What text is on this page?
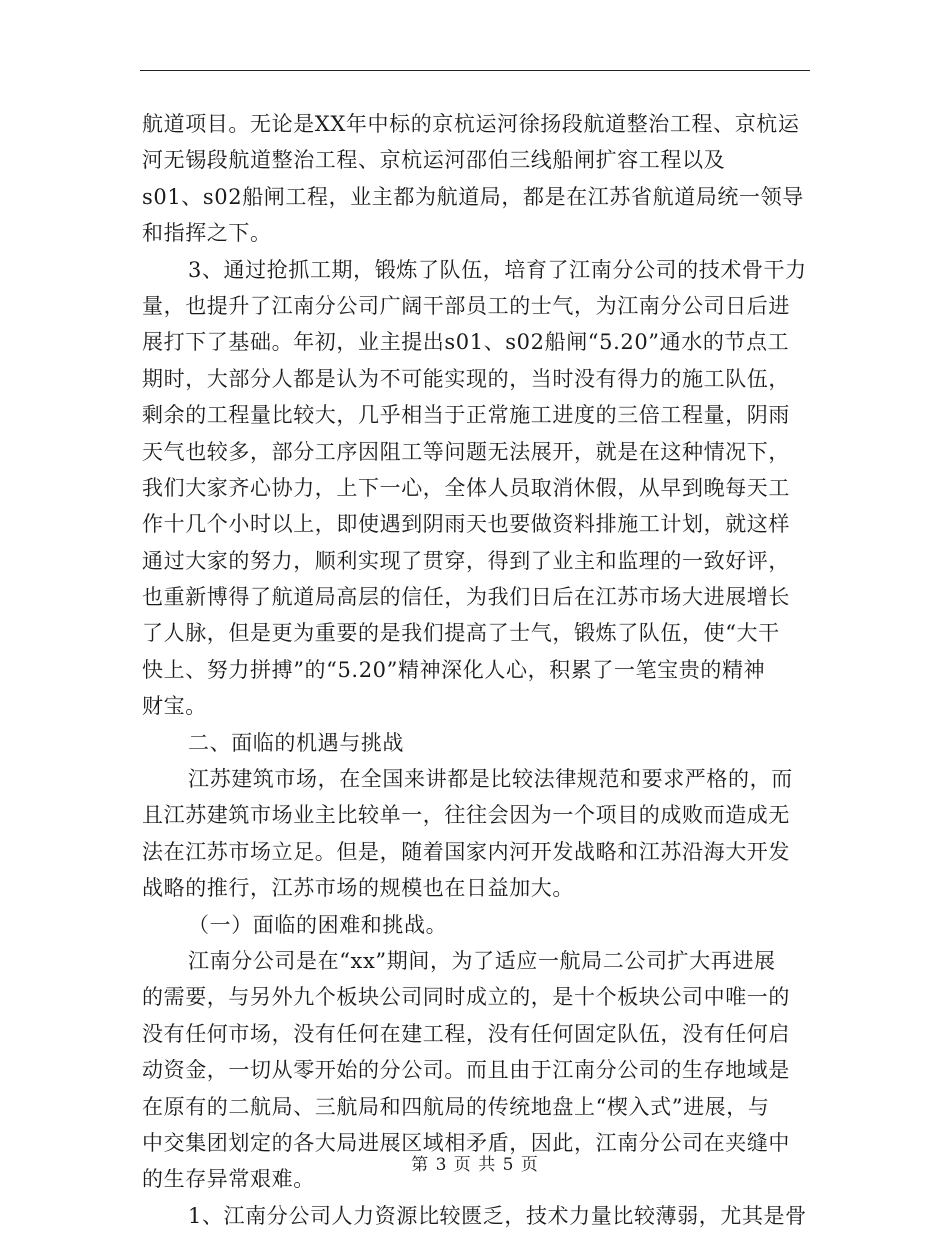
航道项目。无论是XX年中标的京杭运河徐扬段航道整治工程、京杭运
河无锡段航道整治工程、京杭运河邵伯三线船闸扩容工程以及
s01、s02船闸工程，业主都为航道局，都是在江苏省航道局统一领导
和指挥之下。
3、通过抢抓工期，锻炼了队伍，培育了江南分公司的技术骨干力
量，也提升了江南分公司广阔干部员工的士气，为江南分公司日后进
展打下了基础。年初，业主提出s01、s02船闸“5.20”通水的节点工
期时，大部分人都是认为不可能实现的，当时没有得力的施工队伍，
剩余的工程量比较大，几乎相当于正常施工进度的三倍工程量，阴雨
天气也较多，部分工序因阻工等问题无法展开，就是在这种情况下，
我们大家齐心协力，上下一心，全体人员取消休假，从早到晚每天工
作十几个小时以上，即使遇到阴雨天也要做资料排施工计划，就这样
通过大家的努力，顺利实现了贯穿，得到了业主和监理的一致好评，
也重新博得了航道局高层的信任，为我们日后在江苏市场大进展增长
了人脉，但是更为重要的是我们提高了士气，锻炼了队伍，使“大干
快上、努力拼搏”的“5.20”精神深化人心，积累了一笔宝贵的精神
财宝。
二、面临的机遇与挑战
江苏建筑市场，在全国来讲都是比较法律规范和要求严格的，而
且江苏建筑市场业主比较单一，往往会因为一个项目的成败而造成无
法在江苏市场立足。但是，随着国家内河开发战略和江苏沿海大开发
战略的推行，江苏市场的规模也在日益加大。
（一）面临的困难和挑战。
江南分公司是在“xx”期间，为了适应一航局二公司扩大再进展
的需要，与另外九个板块公司同时成立的，是十个板块公司中唯一的
没有任何市场，没有任何在建工程，没有任何固定队伍，没有任何启
动资金，一切从零开始的分公司。而且由于江南分公司的生存地域是
在原有的二航局、三航局和四航局的传统地盘上“楔入式”进展，与
中交集团划定的各大局进展区域相矛盾，因此，江南分公司在夹缝中
的生存异常艰难。
1、江南分公司人力资源比较匮乏，技术力量比较薄弱，尤其是骨
第 3 页 共 5 页
